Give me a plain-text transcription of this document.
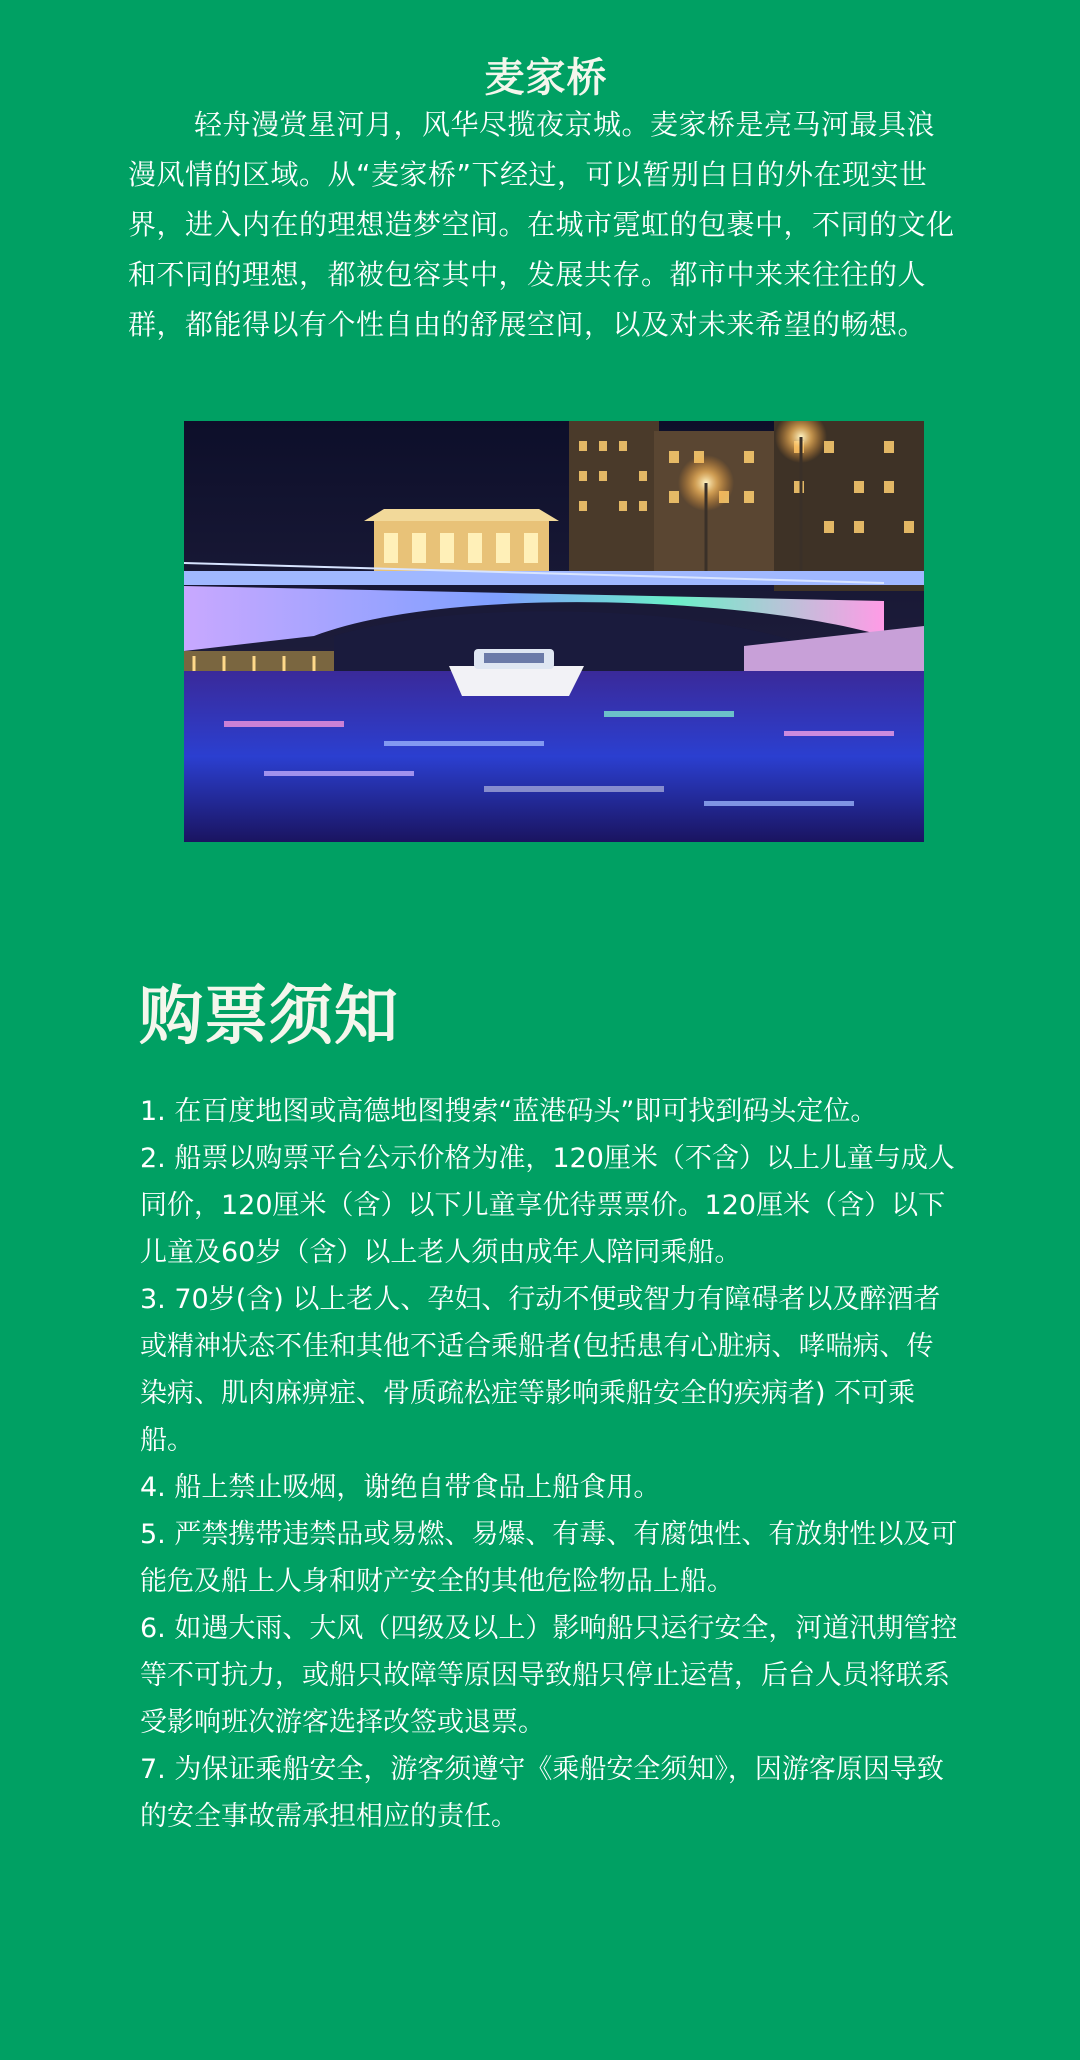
麦家桥

轻舟漫赏星河月，风华尽揽夜京城。麦家桥是亮马河最具浪漫风情的区域。从“麦家桥”下经过，可以暂别白日的外在现实世界，进入内在的理想造梦空间。在城市霓虹的包裹中，不同的文化和不同的理想，都被包容其中，发展共存。都市中来来往往的人群，都能得以有个性自由的舒展空间，以及对未来希望的畅想。

购票须知
1. 在百度地图或高德地图搜索“蓝港码头”即可找到码头定位。
2. 船票以购票平台公示价格为准，120厘米（不含）以上儿童与成人同价，120厘米（含）以下儿童享优待票票价。120厘米（含）以下儿童及60岁（含）以上老人须由成年人陪同乘船。
3. 70岁(含) 以上老人、孕妇、行动不便或智力有障碍者以及醉酒者或精神状态不佳和其他不适合乘船者(包括患有心脏病、哮喘病、传染病、肌肉麻痹症、骨质疏松症等影响乘船安全的疾病者) 不可乘船。
4. 船上禁止吸烟，谢绝自带食品上船食用。
5. 严禁携带违禁品或易燃、易爆、有毒、有腐蚀性、有放射性以及可能危及船上人身和财产安全的其他危险物品上船。
6. 如遇大雨、大风（四级及以上）影响船只运行安全，河道汛期管控等不可抗力，或船只故障等原因导致船只停止运营，后台人员将联系受影响班次游客选择改签或退票。
7. 为保证乘船安全，游客须遵守《乘船安全须知》，因游客原因导致的安全事故需承担相应的责任。
